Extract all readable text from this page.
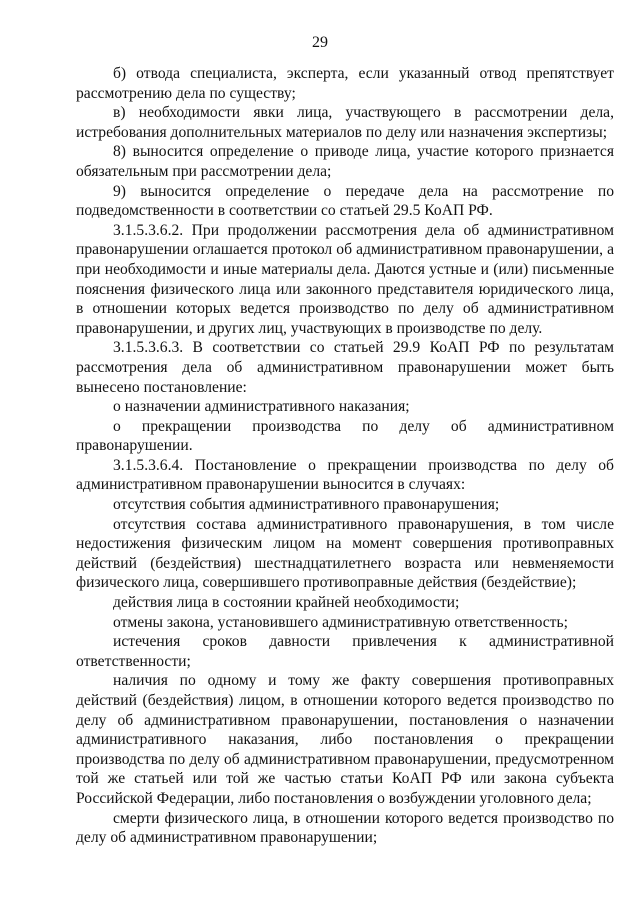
29

б) отвода специалиста, эксперта, если указанный отвод препятствует рассмотрению дела по существу;

в) необходимости явки лица, участвующего в рассмотрении дела, истребования дополнительных материалов по делу или назначения экспертизы;

8) выносится определение о приводе лица, участие которого признается обязательным при рассмотрении дела;

9) выносится определение о передаче дела на рассмотрение по подведомственности в соответствии со статьей 29.5 КоАП РФ.

3.1.5.3.6.2. При продолжении рассмотрения дела об административном правонарушении оглашается протокол об административном правонарушении, а при необходимости и иные материалы дела. Даются устные и (или) письменные пояснения физического лица или законного представителя юридического лица, в отношении которых ведется производство по делу об административном правонарушении, и других лиц, участвующих в производстве по делу.

3.1.5.3.6.3. В соответствии со статьей 29.9 КоАП РФ по результатам рассмотрения дела об административном правонарушении может быть вынесено постановление:

о назначении административного наказания;

о прекращении производства по делу об административном правонарушении.

3.1.5.3.6.4. Постановление о прекращении производства по делу об административном правонарушении выносится в случаях:

отсутствия события административного правонарушения;

отсутствия состава административного правонарушения, в том числе недостижения физическим лицом на момент совершения противоправных действий (бездействия) шестнадцатилетнего возраста или невменяемости физического лица, совершившего противоправные действия (бездействие);

действия лица в состоянии крайней необходимости;

отмены закона, установившего административную ответственность;

истечения сроков давности привлечения к административной ответственности;

наличия по одному и тому же факту совершения противоправных действий (бездействия) лицом, в отношении которого ведется производство по делу об административном правонарушении, постановления о назначении административного наказания, либо постановления о прекращении производства по делу об административном правонарушении, предусмотренном той же статьей или той же частью статьи КоАП РФ или закона субъекта Российской Федерации, либо постановления о возбуждении уголовного дела;

смерти физического лица, в отношении которого ведется производство по делу об административном правонарушении;
